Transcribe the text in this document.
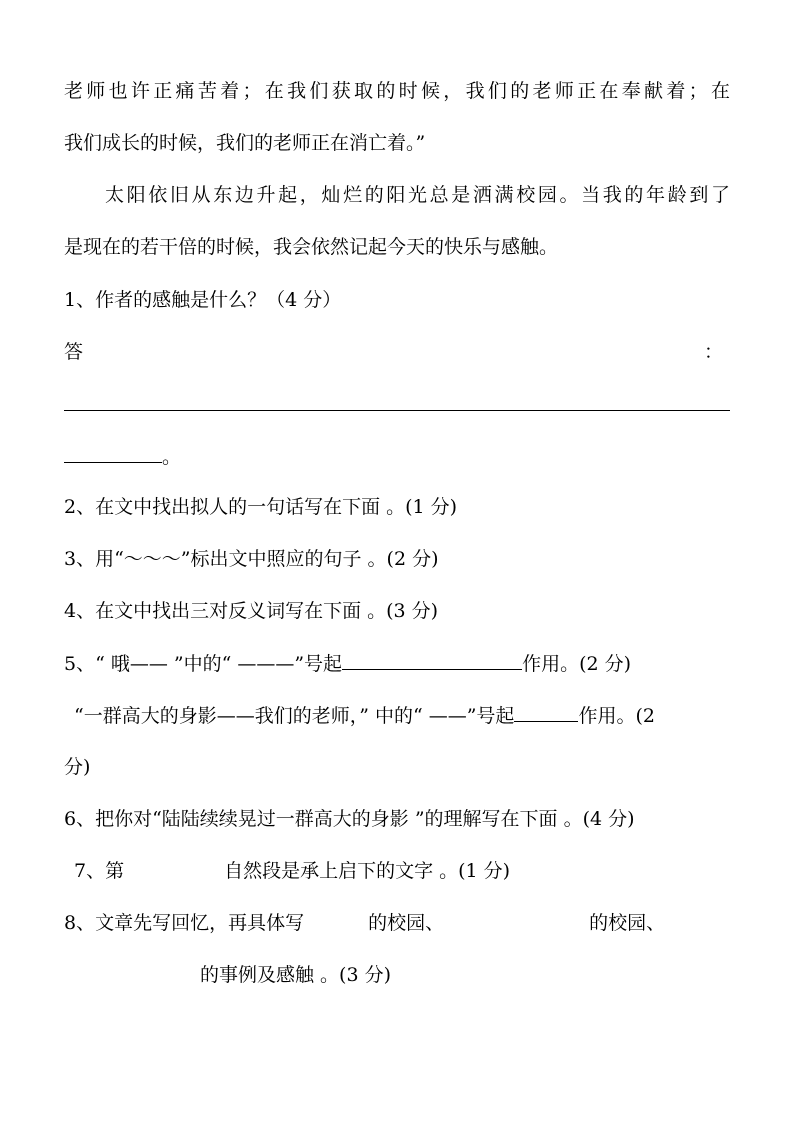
老师也许正痛苦着；在我们获取的时候，我们的老师正在奉献着；在
我们成长的时候，我们的老师正在消亡着。”
太阳依旧从东边升起，灿烂的阳光总是洒满校园。当我的年龄到了
是现在的若干倍的时候，我会依然记起今天的快乐与感触。
1、作者的感触是什么？（4 分）
答	：
。
2、在文中找出拟人的一句话写在下面 。(1 分)
3、用“～～～”标出文中照应的句子 。(2 分)
4、在文中找出三对反义词写在下面 。(3 分)
5、“ 哦—— ”中的“ ———”号起	作用。(2 分)
“一群高大的身影——我们的老师，” 中的“ ——”号起	作用。(2
分)
6、把你对“陆陆续续晃过一群高大的身影 ”的理解写在下面 。(4 分)
7、第	自然段是承上启下的文字 。(1 分)
8、文章先写回忆，再具体写	的校园、	的校园、
的事例及感触 。(3 分)
